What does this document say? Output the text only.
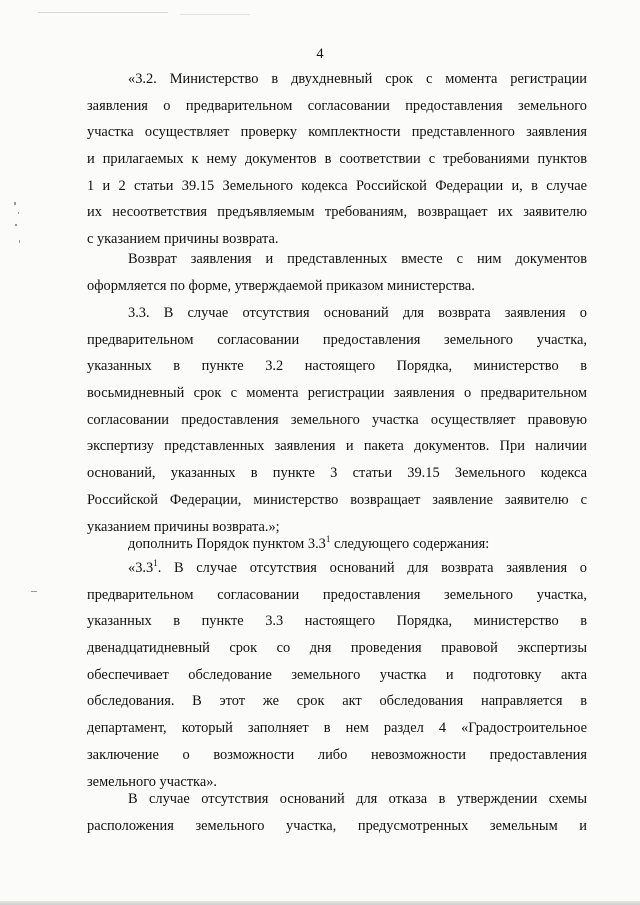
4
«3.2. Министерство в двухдневный срок с момента регистрации
заявления о предварительном согласовании предоставления земельного
участка осуществляет проверку комплектности представленного заявления
и прилагаемых к нему документов в соответствии с требованиями пунктов
1 и 2 статьи 39.15 Земельного кодекса Российской Федерации и, в случае
их несоответствия предъявляемым требованиям, возвращает их заявителю
с указанием причины возврата.
Возврат заявления и представленных вместе с ним документов
оформляется по форме, утверждаемой приказом министерства.
3.3. В случае отсутствия оснований для возврата заявления о
предварительном согласовании предоставления земельного участка,
указанных в пункте 3.2 настоящего Порядка, министерство в
восьмидневный срок с момента регистрации заявления о предварительном
согласовании предоставления земельного участка осуществляет правовую
экспертизу представленных заявления и пакета документов. При наличии
оснований, указанных в пункте 3 статьи 39.15 Земельного кодекса
Российской Федерации, министерство возвращает заявление заявителю с
указанием причины возврата.»;
дополнить Порядок пунктом $3.3^1$ следующего содержания:
«$3.3^1$. В случае отсутствия оснований для возврата заявления о
предварительном согласовании предоставления земельного участка,
указанных в пункте 3.3 настоящего Порядка, министерство в
двенадцатидневный срок со дня проведения правовой экспертизы
обеспечивает обследование земельного участка и подготовку акта
обследования. В этот же срок акт обследования направляется в
департамент, который заполняет в нем раздел 4 «Градостроительное
заключение о возможности либо невозможности предоставления
земельного участка».
В случае отсутствия оснований для отказа в утверждении схемы
расположения земельного участка, предусмотренных земельным и
